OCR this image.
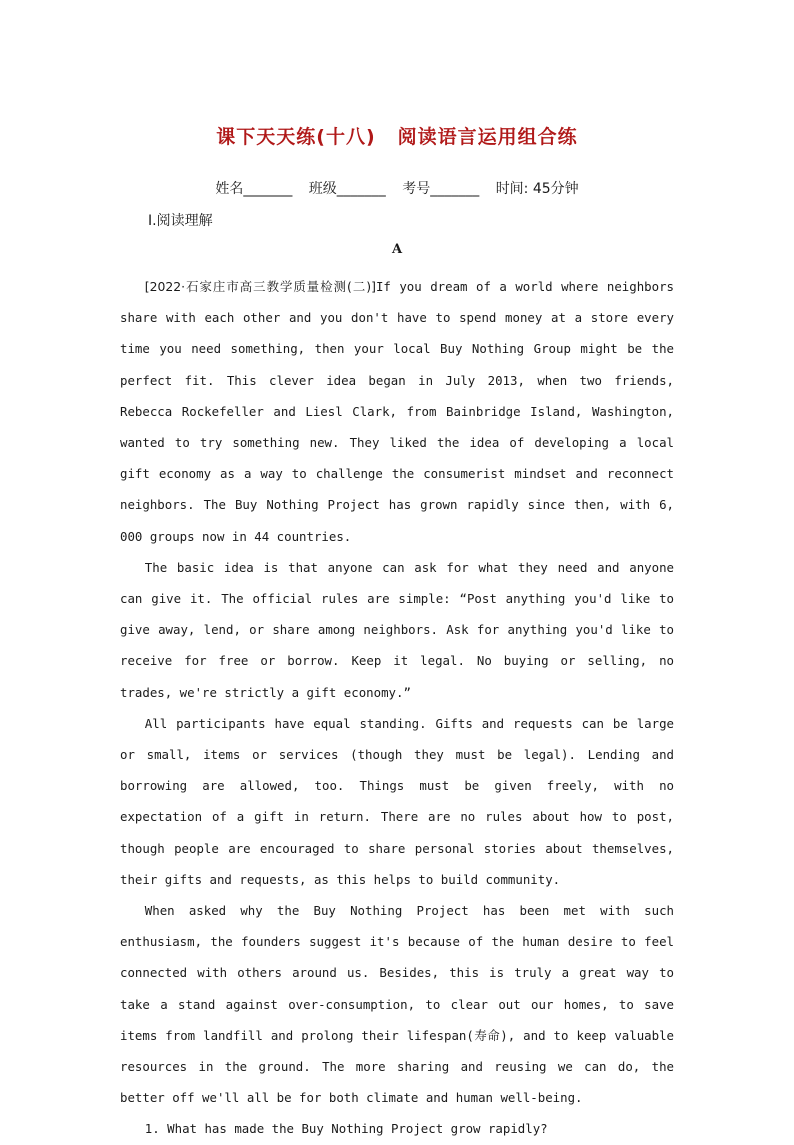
课下天天练(十八) 阅读语言运用组合练
姓名_______ 班级_______ 考号_______ 时间: 45分钟
Ⅰ.阅读理解
A

[2022·石家庄市高三教学质量检测(二)]If you dream of a world where neighbors share with each other and you don't have to spend money at a store every time you need something, then your local Buy Nothing Group might be the perfect fit. This clever idea began in July 2013, when two friends, Rebecca Rockefeller and Liesl Clark, from Bainbridge Island, Washington, wanted to try something new. They liked the idea of developing a local gift economy as a way to challenge the consumerist mindset and reconnect neighbors. The Buy Nothing Project has grown rapidly since then, with 6, 000 groups now in 44 countries.

The basic idea is that anyone can ask for what they need and anyone can give it. The official rules are simple: “Post anything you'd like to give away, lend, or share among neighbors. Ask for anything you'd like to receive for free or borrow. Keep it legal. No buying or selling, no trades, we're strictly a gift economy.”

All participants have equal standing. Gifts and requests can be large or small, items or services (though they must be legal). Lending and borrowing are allowed, too. Things must be given freely, with no expectation of a gift in return. There are no rules about how to post, though people are encouraged to share personal stories about themselves, their gifts and requests, as this helps to build community.

When asked why the Buy Nothing Project has been met with such enthusiasm, the founders suggest it's because of the human desire to feel connected with others around us. Besides, this is truly a great way to take a stand against over-consumption, to clear out our homes, to save items from landfill and prolong their lifespan(寿命), and to keep valuable resources in the ground. The more sharing and reusing we can do, the better off we'll all be for both climate and human well-being.

1. What has made the Buy Nothing Project grow rapidly?
